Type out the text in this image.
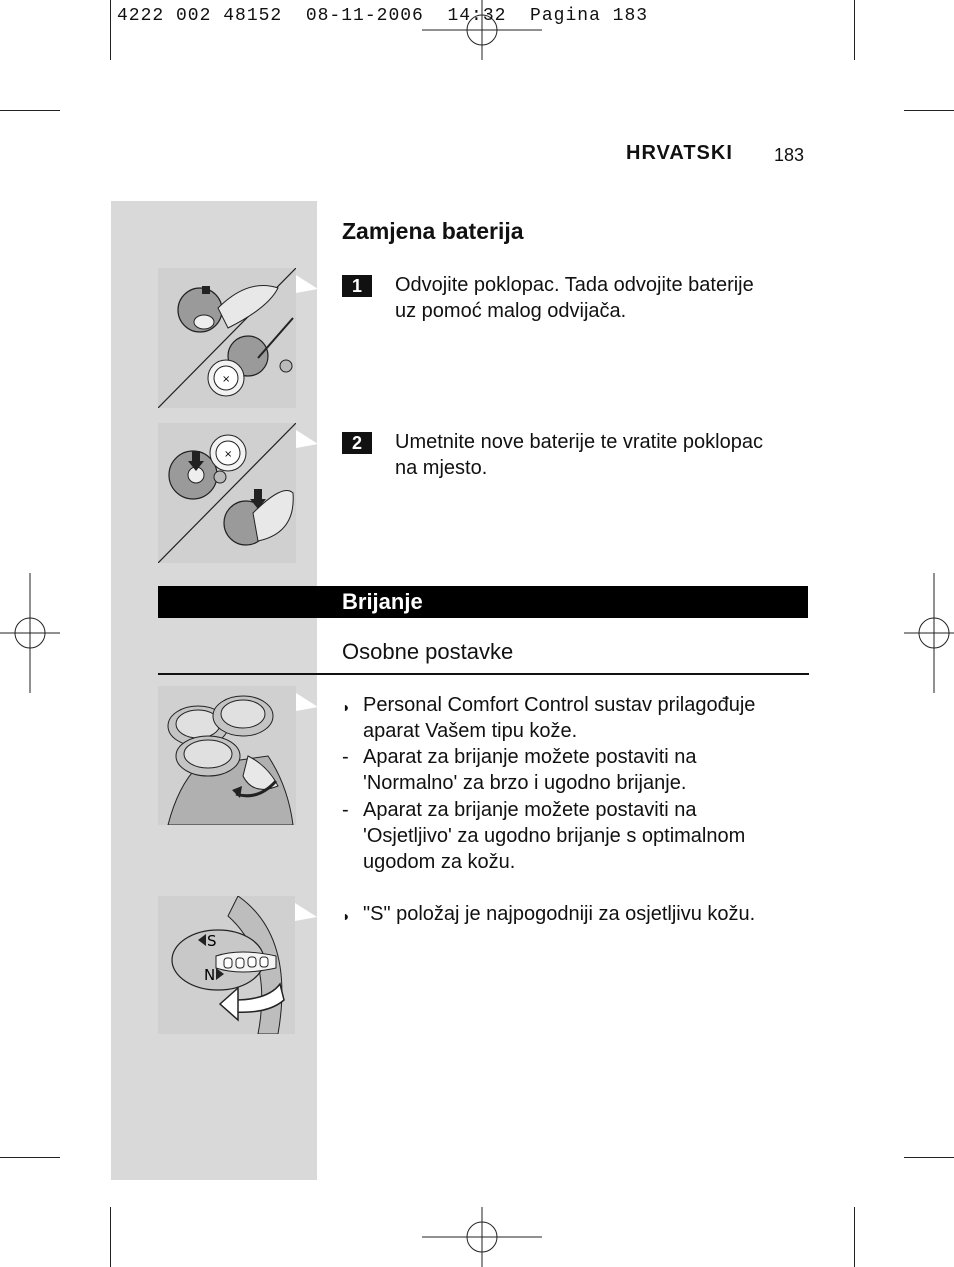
4222 002 48152  08-11-2006  14:32  Pagina 183
HRVATSKI 183
Zamjena baterija
×
1	Odvojite poklopac. Tada odvojite baterije
uz pomoć malog odvijača.
×
2	Umetnite nove baterije te vratite poklopac
na mjesto.
Brijanje
Osobne postavke
◗ Personal Comfort Control sustav prilagođuje
aparat Vašem tipu kože.
- Aparat za brijanje možete postaviti na
'Normalno' za brzo i ugodno brijanje.
- Aparat za brijanje možete postaviti na
'Osjetljivo' za ugodno brijanje s optimalnom
ugodom za kožu.
S
N
◗ "S" položaj je najpogodniji za osjetljivu kožu.
